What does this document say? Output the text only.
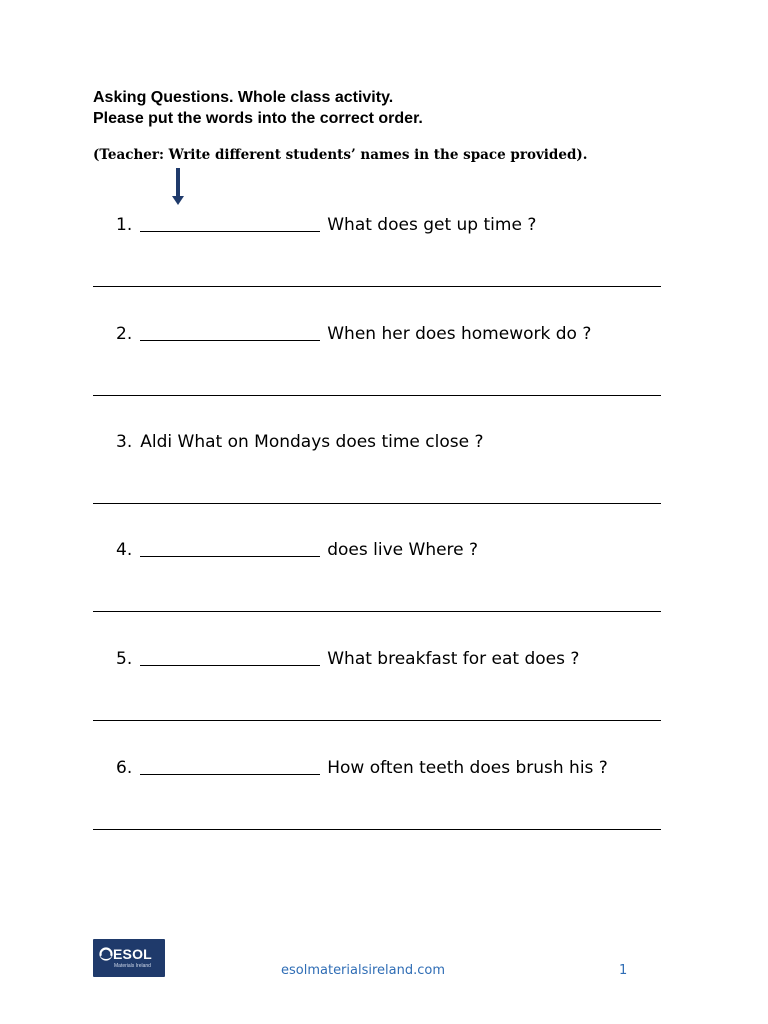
Asking Questions. Whole class activity.
Please put the words into the correct order.
(Teacher: Write different students’ names in the space provided).
1.	What does get up time ?
2.	When her does homework do ?
3. Aldi What on Mondays does time close ?
4.	does live Where ?
5.	What breakfast for eat does ?
6.	How often teeth does brush his ?
ESOL
Materials Ireland	esolmaterialsireland.com	1
